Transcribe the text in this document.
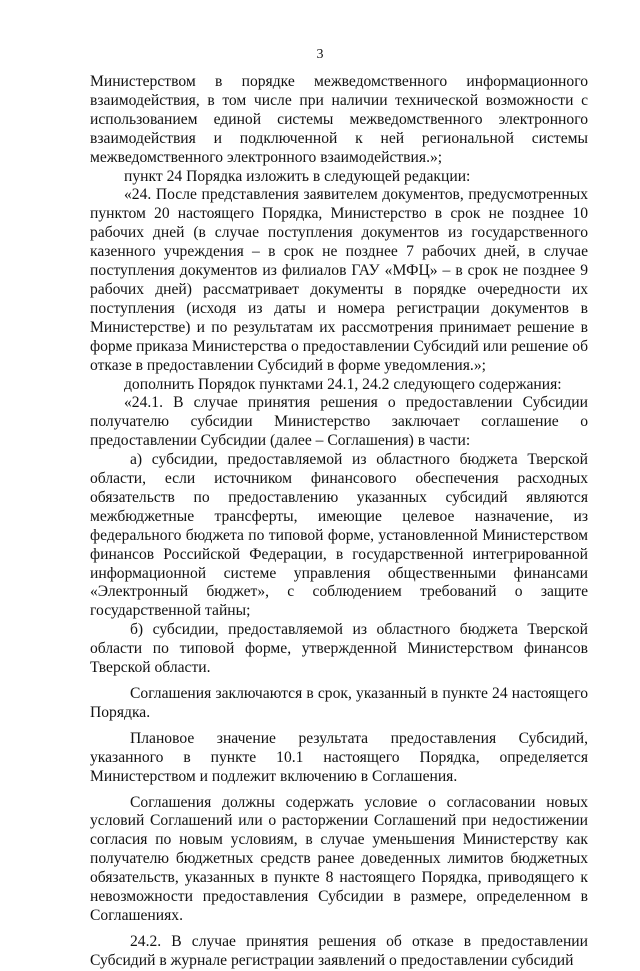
3

Министерством в порядке межведомственного информационного взаимодействия, в том числе при наличии технической возможности с использованием единой системы межведомственного электронного взаимодействия и подключенной к ней региональной системы межведомственного электронного взаимодействия.»;

пункт 24 Порядка изложить в следующей редакции:

«24. После представления заявителем документов, предусмотренных пунктом 20 настоящего Порядка, Министерство в срок не позднее 10 рабочих дней (в случае поступления документов из государственного казенного учреждения – в срок не позднее 7 рабочих дней, в случае поступления документов из филиалов ГАУ «МФЦ» – в срок не позднее 9 рабочих дней) рассматривает документы в порядке очередности их поступления (исходя из даты и номера регистрации документов в Министерстве) и по результатам их рассмотрения принимает решение в форме приказа Министерства о предоставлении Субсидий или решение об отказе в предоставлении Субсидий в форме уведомления.»;

дополнить Порядок пунктами 24.1, 24.2 следующего содержания:

«24.1. В случае принятия решения о предоставлении Субсидии получателю субсидии Министерство заключает соглашение о предоставлении Субсидии (далее – Соглашения) в части:

а) субсидии, предоставляемой из областного бюджета Тверской области, если источником финансового обеспечения расходных обязательств по предоставлению указанных субсидий являются межбюджетные трансферты, имеющие целевое назначение, из федерального бюджета по типовой форме, установленной Министерством финансов Российской Федерации, в государственной интегрированной информационной системе управления общественными финансами «Электронный бюджет», с соблюдением требований о защите государственной тайны;

б) субсидии, предоставляемой из областного бюджета Тверской области по типовой форме, утвержденной Министерством финансов Тверской области.

Соглашения заключаются в срок, указанный в пункте 24 настоящего Порядка.

Плановое значение результата предоставления Субсидий, указанного в пункте 10.1 настоящего Порядка, определяется Министерством и подлежит включению в Соглашения.

Соглашения должны содержать условие о согласовании новых условий Соглашений или о расторжении Соглашений при недостижении согласия по новым условиям, в случае уменьшения Министерству как получателю бюджетных средств ранее доведенных лимитов бюджетных обязательств, указанных в пункте 8 настоящего Порядка, приводящего к невозможности предоставления Субсидии в размере, определенном в Соглашениях.

24.2. В случае принятия решения об отказе в предоставлении Субсидий в журнале регистрации заявлений о предоставлении субсидий
